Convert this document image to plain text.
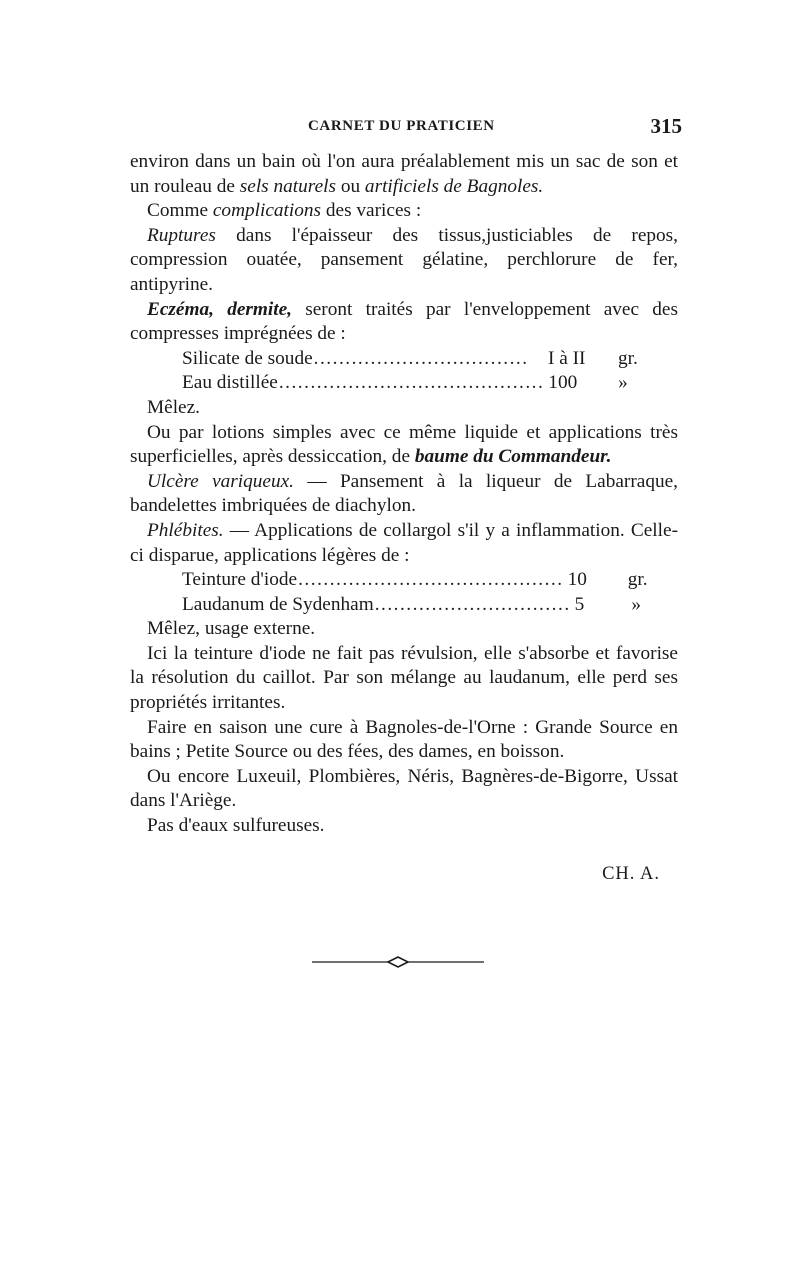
CARNET DU PRATICIEN	315

environ dans un bain où l'on aura préalablement mis un sac de son et un rouleau de sels naturels ou artificiels de Bagnoles.

Comme complications des varices :

Ruptures dans l'épaisseur des tissus,justiciables de repos, compression ouatée, pansement gélatine, perchlorure de fer, antipyrine.

Eczéma, dermite, seront traités par l'enveloppement avec des compresses imprégnées de :

Silicate de soude ..................................	I à II	gr.
Eau distillée .......................................... 100	»

Mêlez.

Ou par lotions simples avec ce même liquide et applications très superficielles, après dessiccation, de baume du Commandeur.

Ulcère variqueux. — Pansement à la liqueur de Labarraque, bandelettes imbriquées de diachylon.

Phlébites. — Applications de collargol s'il y a inflammation. Celle-ci disparue, applications légères de :

Teinture d'iode .......................................... 10	gr.
Laudanum de Sydenham ............................... 5	»

Mêlez, usage externe.

Ici la teinture d'iode ne fait pas révulsion, elle s'absorbe et favorise la résolution du caillot. Par son mélange au laudanum, elle perd ses propriétés irritantes.

Faire en saison une cure à Bagnoles-de-l'Orne : Grande Source en bains ; Petite Source ou des fées, des dames, en boisson.

Ou encore Luxeuil, Plombières, Néris, Bagnères-de-Bigorre, Ussat dans l'Ariège.

Pas d'eaux sulfureuses.

CH. A.
